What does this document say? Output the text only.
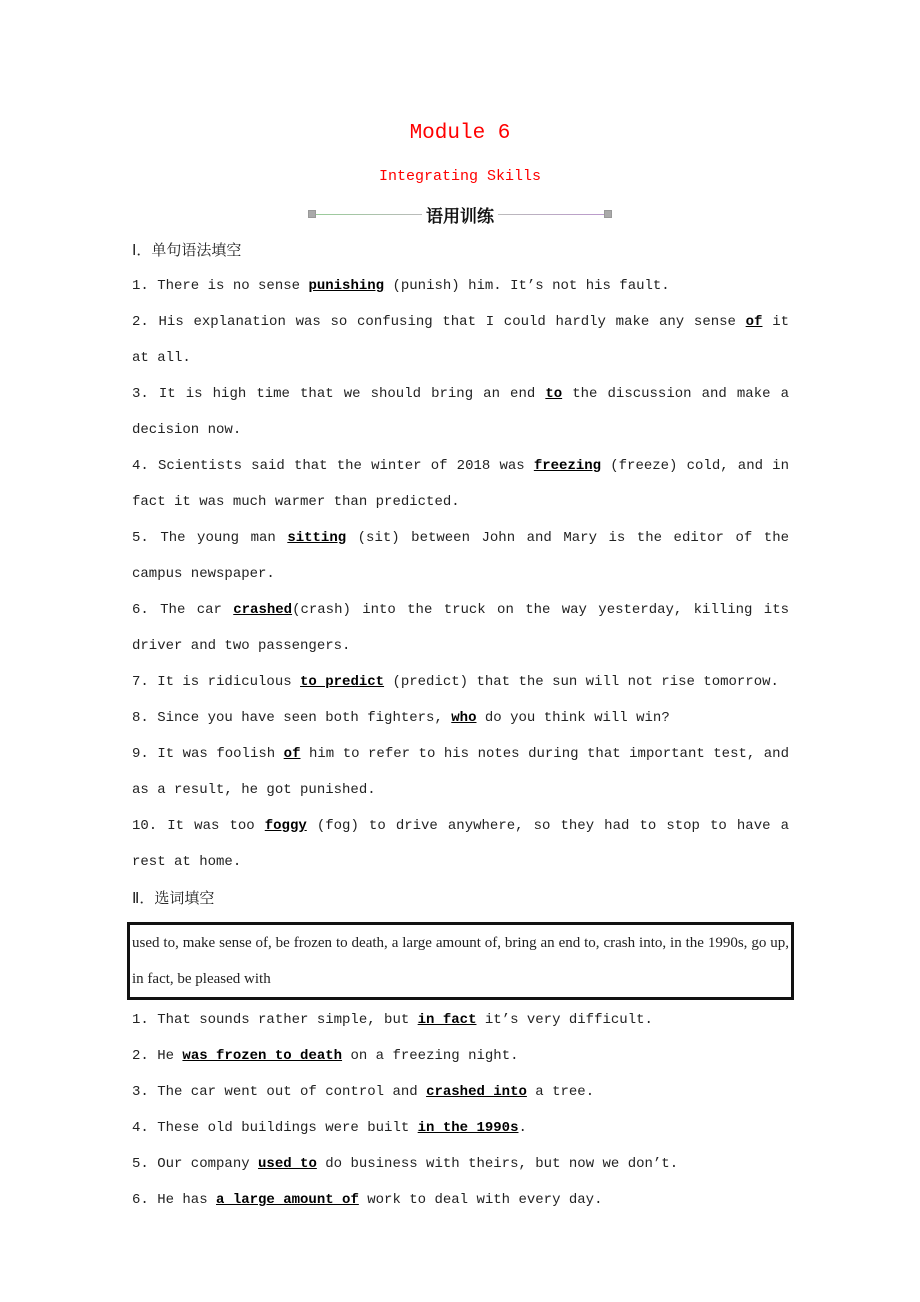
Module 6
Integrating Skills
语用训练
Ⅰ．单句语法填空
1. There is no sense punishing (punish) him. It’s not his fault.
2. His explanation was so confusing that I could hardly make any sense of it at all.
3. It is high time that we should bring an end to the discussion and make a decision now.
4. Scientists said that the winter of 2018 was freezing (freeze) cold, and in fact it was much warmer than predicted.
5. The young man sitting (sit) between John and Mary is the editor of the campus newspaper.
6. The car crashed(crash) into the truck on the way yesterday, killing its driver and two passengers.
7. It is ridiculous to predict (predict) that the sun will not rise tomorrow.
8. Since you have seen both fighters, who do you think will win?
9. It was foolish of him to refer to his notes during that important test, and as a result, he got punished.
10. It was too foggy (fog) to drive anywhere, so they had to stop to have a rest at home.
Ⅱ．选词填空
used to, make sense of, be frozen to death, a large amount of, bring an end to, crash into, in the 1990s, go up, in fact, be pleased with
1. That sounds rather simple, but in fact it’s very difficult.
2. He was frozen to death on a freezing night.
3. The car went out of control and crashed into a tree.
4. These old buildings were built in the 1990s.
5. Our company used to do business with theirs, but now we don’t.
6. He has a large amount of work to deal with every day.
